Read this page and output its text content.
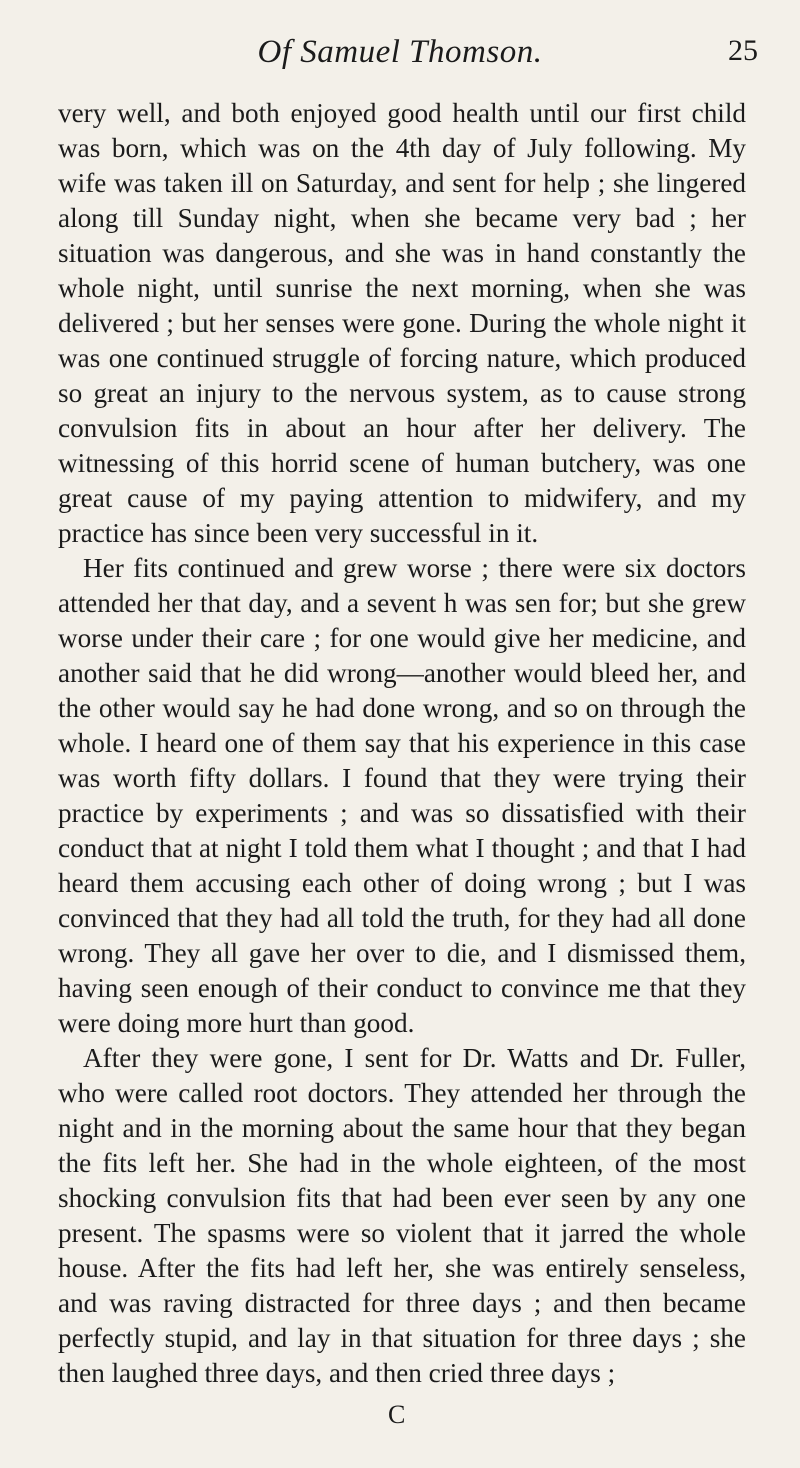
Of Samuel Thomson.	25

very well, and both enjoyed good health until our first child was born, which was on the 4th day of July following. My wife was taken ill on Saturday, and sent for help ; she lingered along till Sunday night, when she became very bad ; her situation was dangerous, and she was in hand constantly the whole night, until sunrise the next morning, when she was delivered ; but her senses were gone. During the whole night it was one continued struggle of forcing nature, which produced so great an injury to the nervous system, as to cause strong convulsion fits in about an hour after her delivery. The witnessing of this horrid scene of human butchery, was one great cause of my paying attention to midwifery, and my practice has since been very successful in it.

Her fits continued and grew worse ; there were six doctors attended her that day, and a sevent h was sen for; but she grew worse under their care ; for one would give her medicine, and another said that he did wrong—another would bleed her, and the other would say he had done wrong, and so on through the whole. I heard one of them say that his experience in this case was worth fifty dollars. I found that they were trying their practice by experiments ; and was so dissatisfied with their conduct that at night I told them what I thought ; and that I had heard them accusing each other of doing wrong ; but I was convinced that they had all told the truth, for they had all done wrong. They all gave her over to die, and I dismissed them, having seen enough of their conduct to convince me that they were doing more hurt than good.

After they were gone, I sent for Dr. Watts and Dr. Fuller, who were called root doctors. They attended her through the night and in the morning about the same hour that they began the fits left her. She had in the whole eighteen, of the most shocking convulsion fits that had been ever seen by any one present. The spasms were so violent that it jarred the whole house. After the fits had left her, she was entirely senseless, and was raving distracted for three days ; and then became perfectly stupid, and lay in that situation for three days ; she then laughed three days, and then cried three days ;

C
